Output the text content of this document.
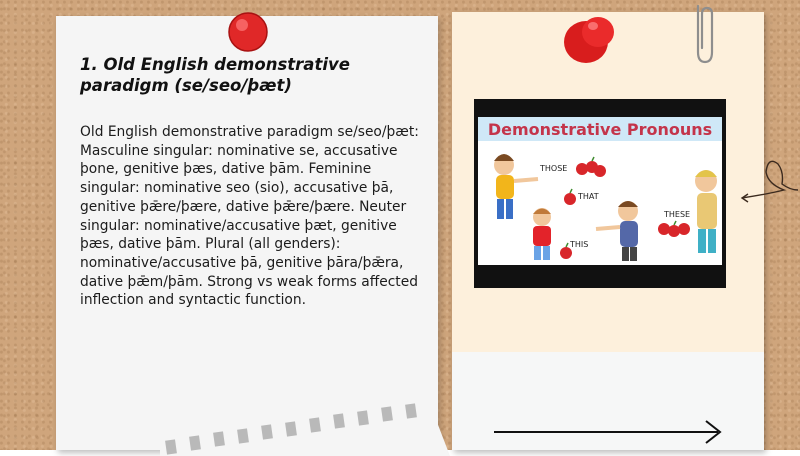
1. Old English demonstrative paradigm (se/seo/þæt)
Old English demonstrative paradigm se/seo/þæt: Masculine singular: nominative se, accusative þone, genitive þæs, dative þām. Feminine singular: nominative seo (sio), accusative þā, genitive þǣre/þære, dative þǣre/þære. Neuter singular: nominative/accusative þæt, genitive þæs, dative þām. Plural (all genders): nominative/accusative þā, genitive þāra/þǣra, dative þǣm/þām. Strong vs weak forms affected inflection and syntactic function.
Demonstrative Pronouns
THOSE
THAT
THESE
THIS
